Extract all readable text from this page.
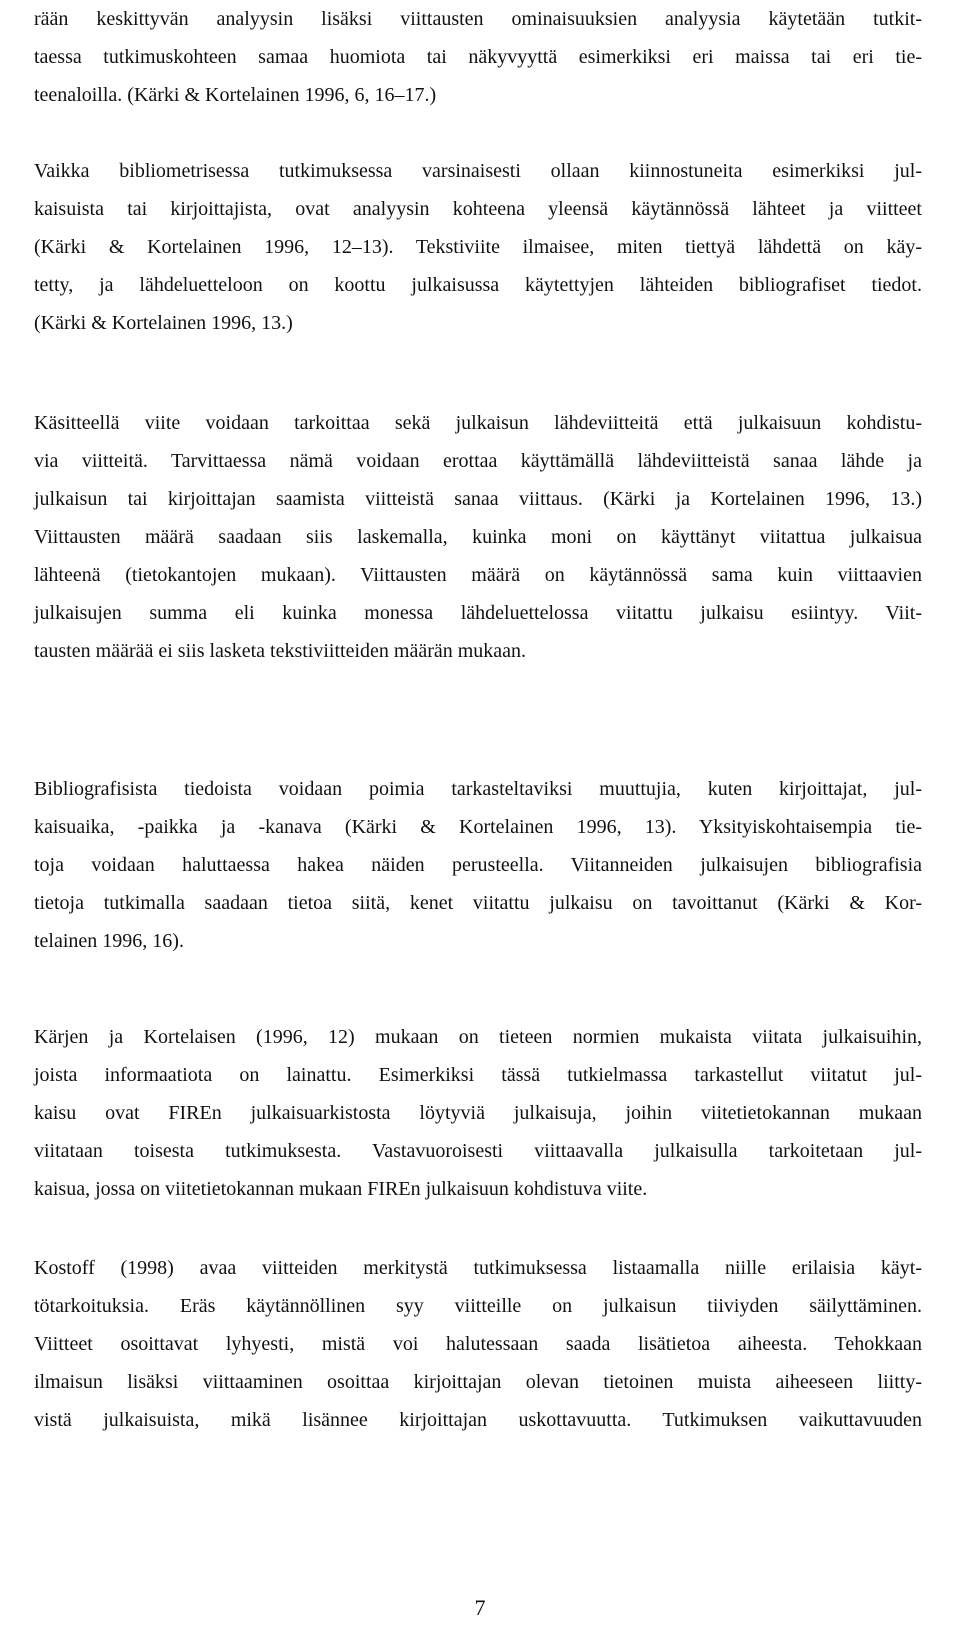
rään keskittyvän analyysin lisäksi viittausten ominaisuuksien analyysia käytetään tutkit-
taessa tutkimuskohteen samaa huomiota tai näkyvyyttä esimerkiksi eri maissa tai eri tie-
teenaloilla. (Kärki & Kortelainen 1996, 6, 16–17.)
Vaikka bibliometrisessa tutkimuksessa varsinaisesti ollaan kiinnostuneita esimerkiksi jul-
kaisuista tai kirjoittajista, ovat analyysin kohteena yleensä käytännössä lähteet ja viitteet
(Kärki & Kortelainen 1996, 12–13). Tekstiviite ilmaisee, miten tiettyä lähdettä on käy-
tetty, ja lähdeluetteloon on koottu julkaisussa käytettyjen lähteiden bibliografiset tiedot.
(Kärki & Kortelainen 1996, 13.)
Käsitteellä viite voidaan tarkoittaa sekä julkaisun lähdeviitteitä että julkaisuun kohdistu-
via viitteitä. Tarvittaessa nämä voidaan erottaa käyttämällä lähdeviitteistä sanaa lähde ja
julkaisun tai kirjoittajan saamista viitteistä sanaa viittaus. (Kärki ja Kortelainen 1996, 13.)
Viittausten määrä saadaan siis laskemalla, kuinka moni on käyttänyt viitattua julkaisua
lähteenä (tietokantojen mukaan). Viittausten määrä on käytännössä sama kuin viittaavien
julkaisujen summa eli kuinka monessa lähdeluettelossa viitattu julkaisu esiintyy. Viit-
tausten määrää ei siis lasketa tekstiviitteiden määrän mukaan.
Bibliografisista tiedoista voidaan poimia tarkasteltaviksi muuttujia, kuten kirjoittajat, jul-
kaisuaika, -paikka ja -kanava (Kärki & Kortelainen 1996, 13). Yksityiskohtaisempia tie-
toja voidaan haluttaessa hakea näiden perusteella. Viitanneiden julkaisujen bibliografisia
tietoja tutkimalla saadaan tietoa siitä, kenet viitattu julkaisu on tavoittanut (Kärki & Kor-
telainen 1996, 16).
Kärjen ja Kortelaisen (1996, 12) mukaan on tieteen normien mukaista viitata julkaisuihin,
joista informaatiota on lainattu. Esimerkiksi tässä tutkielmassa tarkastellut viitatut jul-
kaisu ovat FIREn julkaisuarkistosta löytyviä julkaisuja, joihin viitetietokannan mukaan
viitataan toisesta tutkimuksesta. Vastavuoroisesti viittaavalla julkaisulla tarkoitetaan jul-
kaisua, jossa on viitetietokannan mukaan FIREn julkaisuun kohdistuva viite.
Kostoff (1998) avaa viitteiden merkitystä tutkimuksessa listaamalla niille erilaisia käyt-
tötarkoituksia. Eräs käytännöllinen syy viitteille on julkaisun tiiviyden säilyttäminen.
Viitteet osoittavat lyhyesti, mistä voi halutessaan saada lisätietoa aiheesta. Tehokkaan
ilmaisun lisäksi viittaaminen osoittaa kirjoittajan olevan tietoinen muista aiheeseen liitty-
vistä julkaisuista, mikä lisännee kirjoittajan uskottavuutta. Tutkimuksen vaikuttavuuden
7
